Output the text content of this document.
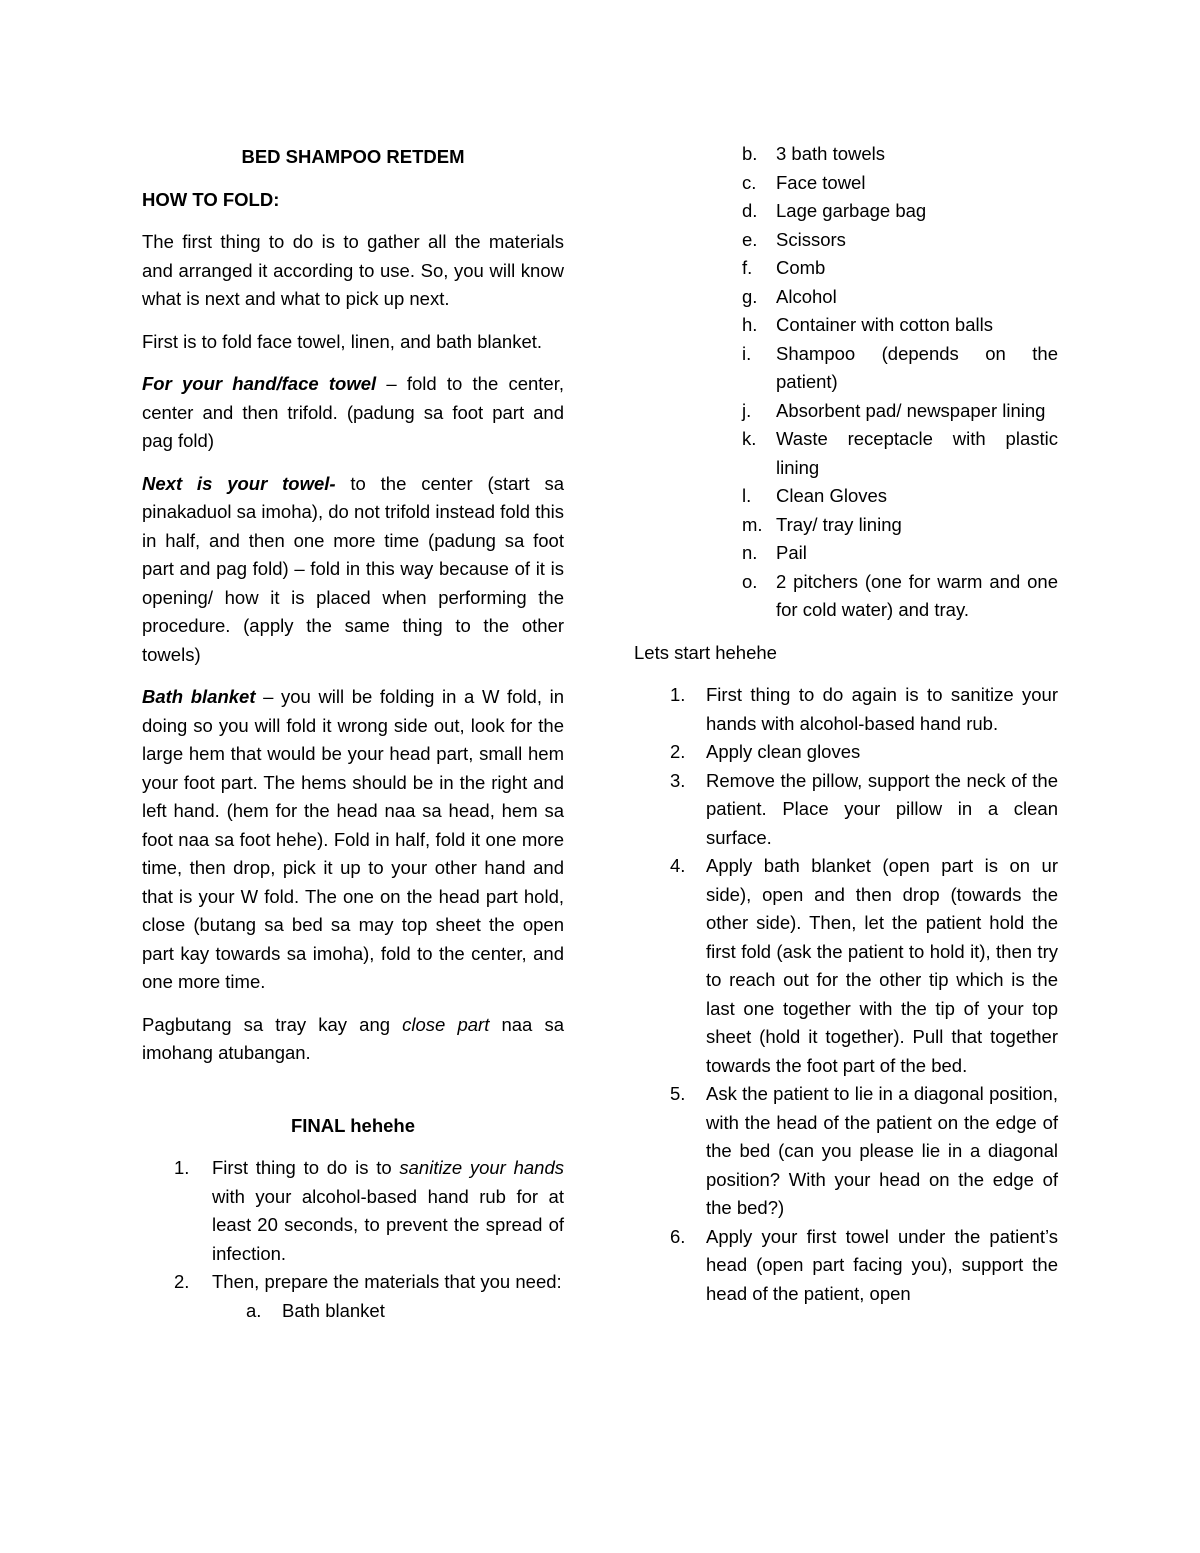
BED SHAMPOO RETDEM

HOW TO FOLD:

The first thing to do is to gather all the materials and arranged it according to use. So, you will know what is next and what to pick up next.

First is to fold face towel, linen, and bath blanket.

For your hand/face towel – fold to the center, center and then trifold. (padung sa foot part and pag fold)

Next is your towel- to the center (start sa pinakaduol sa imoha), do not trifold instead fold this in half, and then one more time (padung sa foot part and pag fold) – fold in this way because of it is opening/ how it is placed when performing the procedure. (apply the same thing to the other towels)

Bath blanket – you will be folding in a W fold, in doing so you will fold it wrong side out, look for the large hem that would be your head part, small hem your foot part. The hems should be in the right and left hand. (hem for the head naa sa head, hem sa foot naa sa foot hehe). Fold in half, fold it one more time, then drop, pick it up to your other hand and that is your W fold. The one on the head part hold, close (butang sa bed sa may top sheet the open part kay towards sa imoha), fold to the center, and one more time.

Pagbutang sa tray kay ang close part naa sa imohang atubangan.

FINAL hehehe

1. First thing to do is to sanitize your hands with your alcohol-based hand rub for at least 20 seconds, to prevent the spread of infection.
2. Then, prepare the materials that you need:
a. Bath blanket
b. 3 bath towels
c. Face towel
d. Lage garbage bag
e. Scissors
f. Comb
g. Alcohol
h. Container with cotton balls
i. Shampoo (depends on the patient)
j. Absorbent pad/ newspaper lining
k. Waste receptacle with plastic lining
l. Clean Gloves
m. Tray/ tray lining
n. Pail
o. 2 pitchers (one for warm and one for cold water) and tray.

Lets start hehehe

1. First thing to do again is to sanitize your hands with alcohol-based hand rub.
2. Apply clean gloves
3. Remove the pillow, support the neck of the patient. Place your pillow in a clean surface.
4. Apply bath blanket (open part is on ur side), open and then drop (towards the other side). Then, let the patient hold the first fold (ask the patient to hold it), then try to reach out for the other tip which is the last one together with the tip of your top sheet (hold it together). Pull that together towards the foot part of the bed.
5. Ask the patient to lie in a diagonal position, with the head of the patient on the edge of the bed (can you please lie in a diagonal position? With your head on the edge of the bed?)
6. Apply your first towel under the patient’s head (open part facing you), support the head of the patient, open
